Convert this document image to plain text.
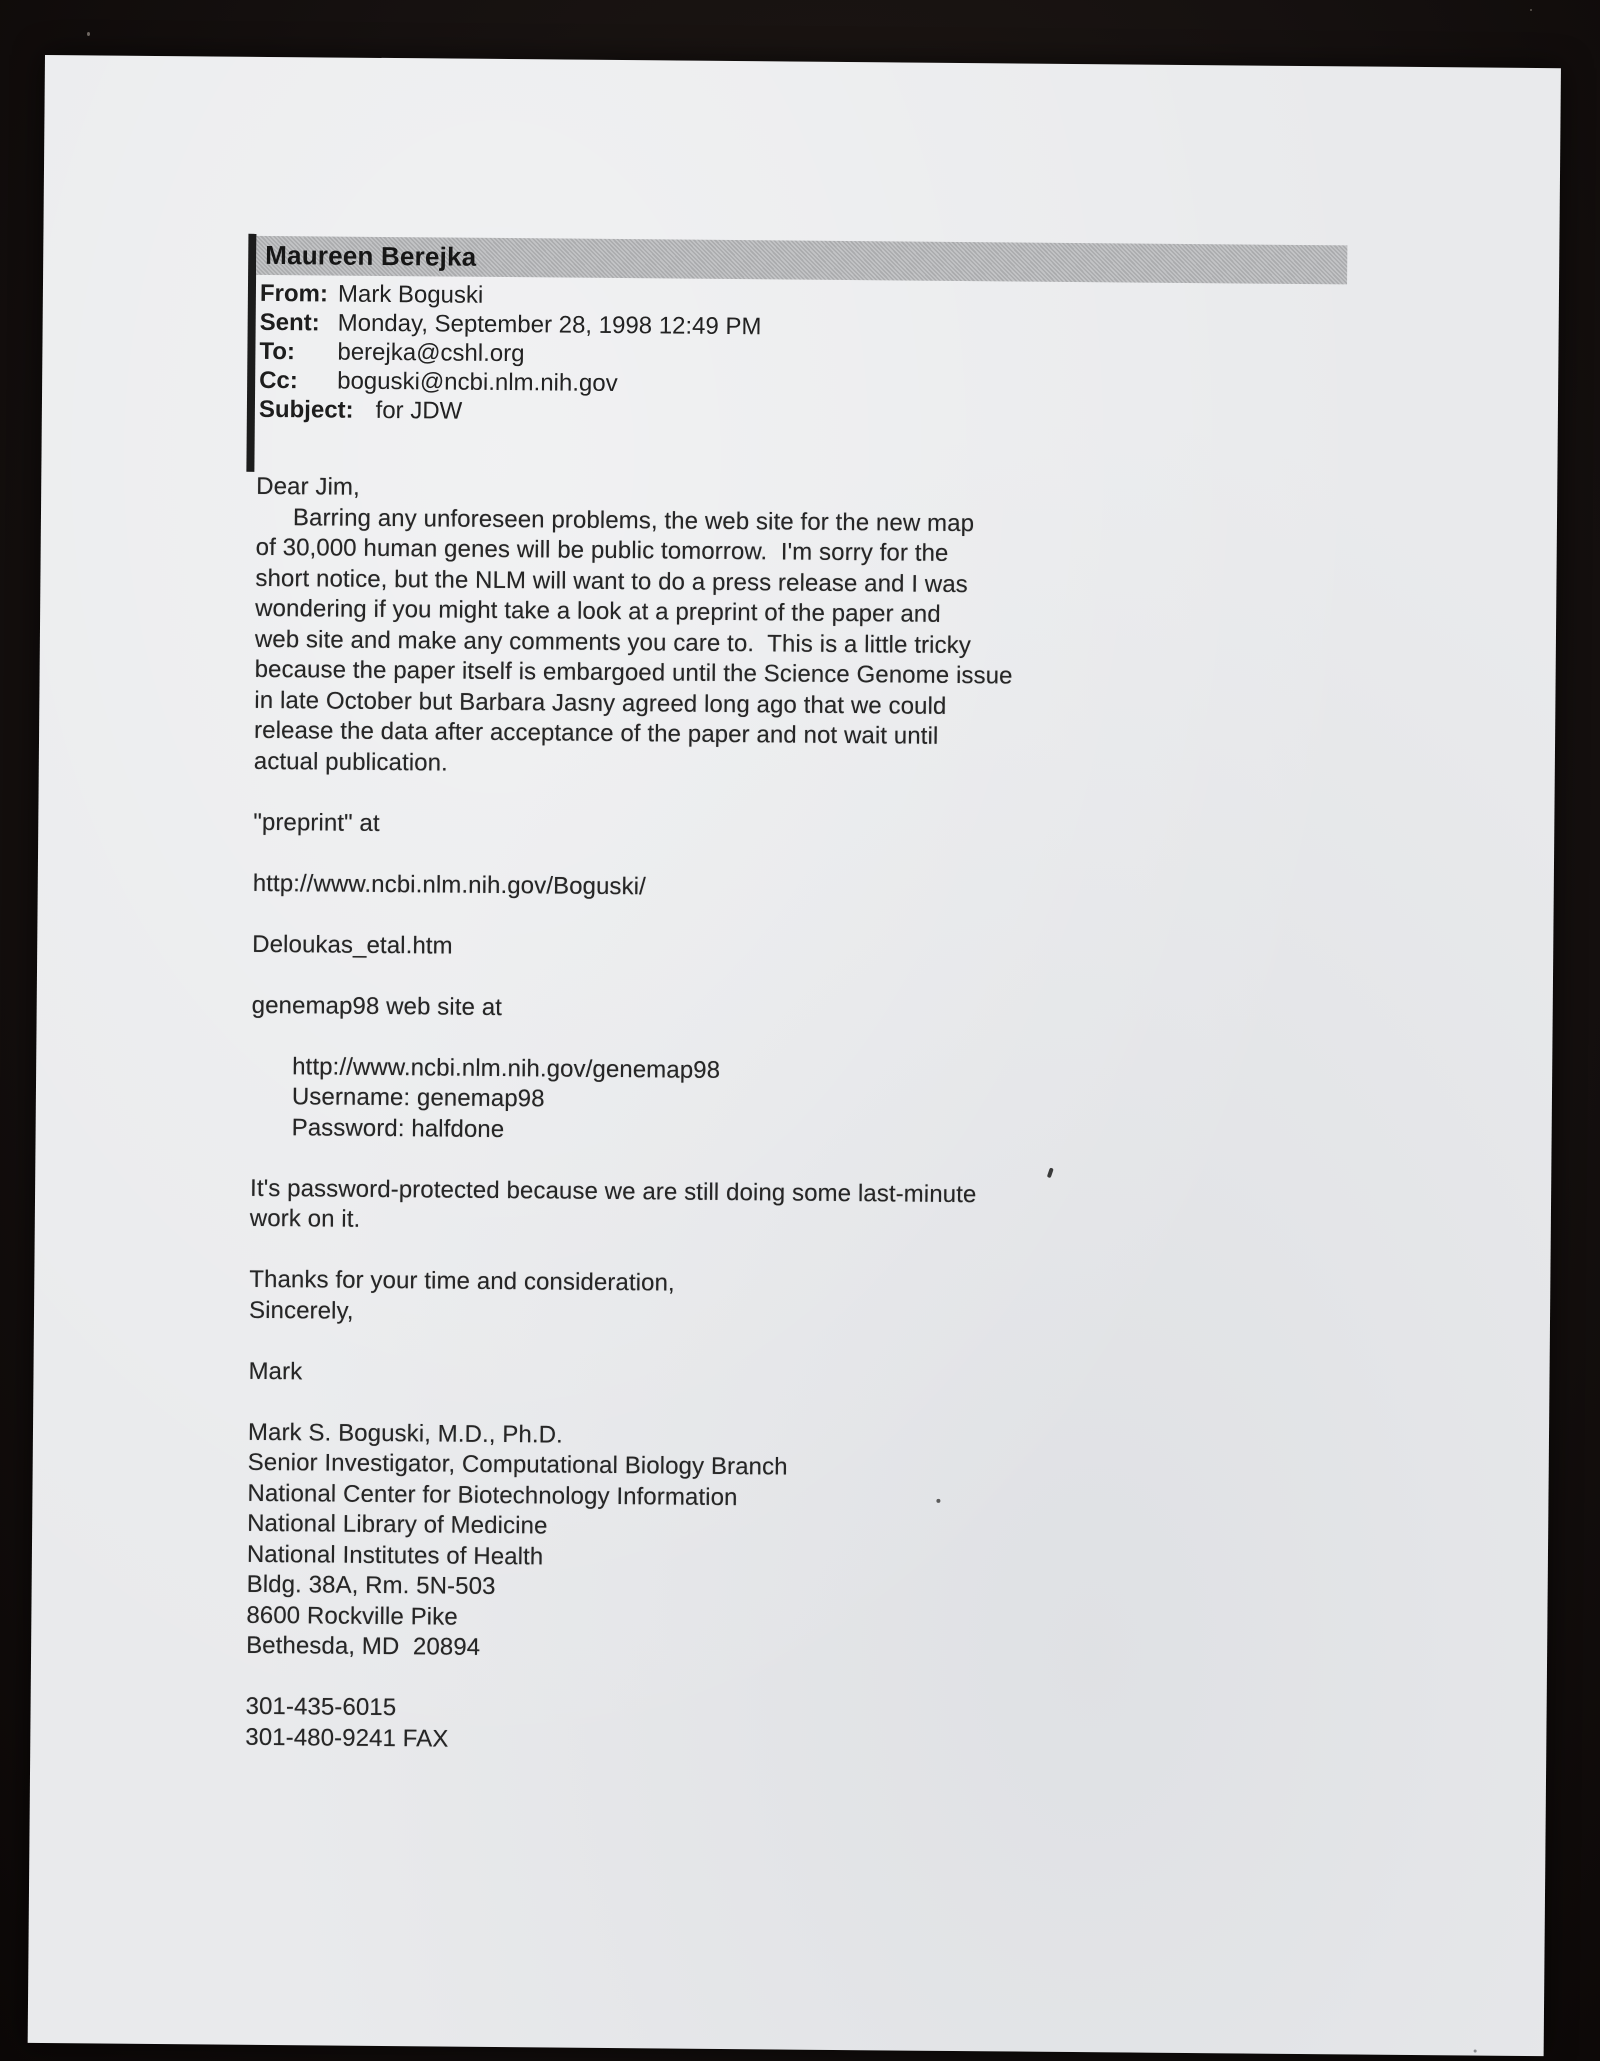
Maureen Berejka
From: Mark Boguski
Sent: Monday, September 28, 1998 12:49 PM
To:	berejka@cshl.org
Cc:	boguski@ncbi.nlm.nih.gov
Subject: for JDW
Dear Jim,
Barring any unforeseen problems, the web site for the new map
of 30,000 human genes will be public tomorrow.  I'm sorry for the
short notice, but the NLM will want to do a press release and I was
wondering if you might take a look at a preprint of the paper and
web site and make any comments you care to.  This is a little tricky
because the paper itself is embargoed until the Science Genome issue
in late October but Barbara Jasny agreed long ago that we could
release the data after acceptance of the paper and not wait until
actual publication.
"preprint" at
http://www.ncbi.nlm.nih.gov/Boguski/
Deloukas_etal.htm
genemap98 web site at
http://www.ncbi.nlm.nih.gov/genemap98
Username: genemap98
Password: halfdone
It's password-protected because we are still doing some last-minute
work on it.
Thanks for your time and consideration,
Sincerely,
Mark
Mark S. Boguski, M.D., Ph.D.
Senior Investigator, Computational Biology Branch
National Center for Biotechnology Information
National Library of Medicine
National Institutes of Health
Bldg. 38A, Rm. 5N-503
8600 Rockville Pike
Bethesda, MD  20894
301-435-6015
301-480-9241 FAX
